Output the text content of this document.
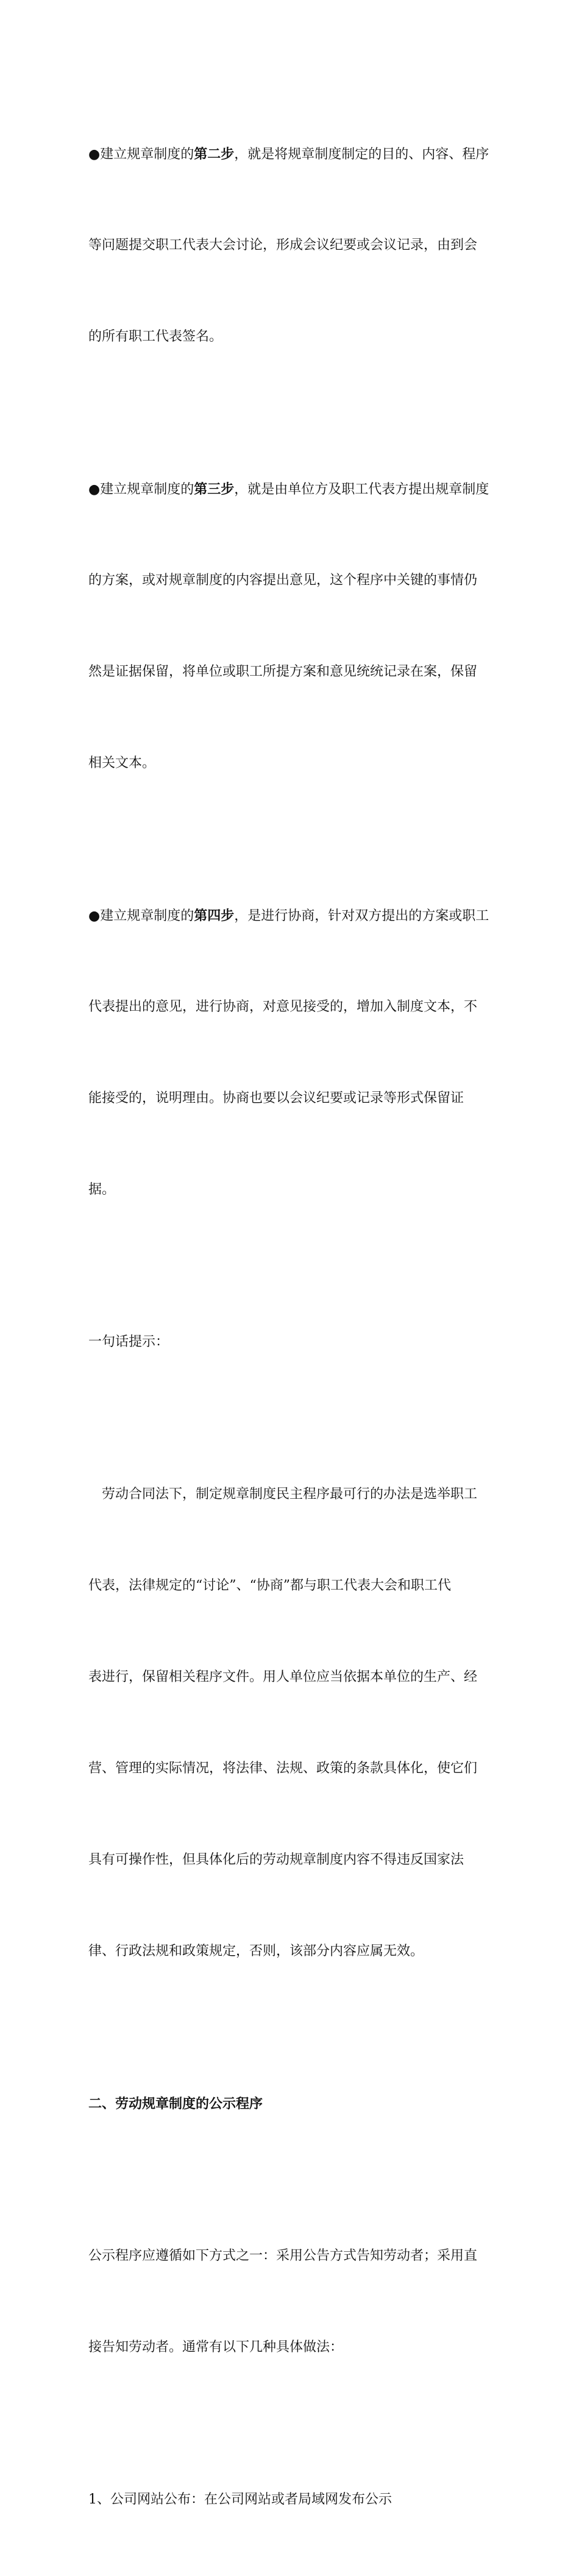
●建立规章制度的第二步，就是将规章制度制定的目的、内容、程序

等问题提交职工代表大会讨论，形成会议纪要或会议记录，由到会

的所有职工代表签名。

●建立规章制度的第三步，就是由单位方及职工代表方提出规章制度

的方案，或对规章制度的内容提出意见，这个程序中关键的事情仍

然是证据保留，将单位或职工所提方案和意见统统记录在案，保留

相关文本。

●建立规章制度的第四步，是进行协商，针对双方提出的方案或职工

代表提出的意见，进行协商，对意见接受的，增加入制度文本，不

能接受的，说明理由。协商也要以会议纪要或记录等形式保留证

据。

一句话提示：

劳动合同法下，制定规章制度民主程序最可行的办法是选举职工

代表，法律规定的“讨论”、“协商”都与职工代表大会和职工代

表进行，保留相关程序文件。用人单位应当依据本单位的生产、经

营、管理的实际情况，将法律、法规、政策的条款具体化，使它们

具有可操作性，但具体化后的劳动规章制度内容不得违反国家法

律、行政法规和政策规定，否则，该部分内容应属无效。

二、劳动规章制度的公示程序

公示程序应遵循如下方式之一：采用公告方式告知劳动者；采用直

接告知劳动者。通常有以下几种具体做法：

1、公司网站公布：在公司网站或者局域网发布公示
